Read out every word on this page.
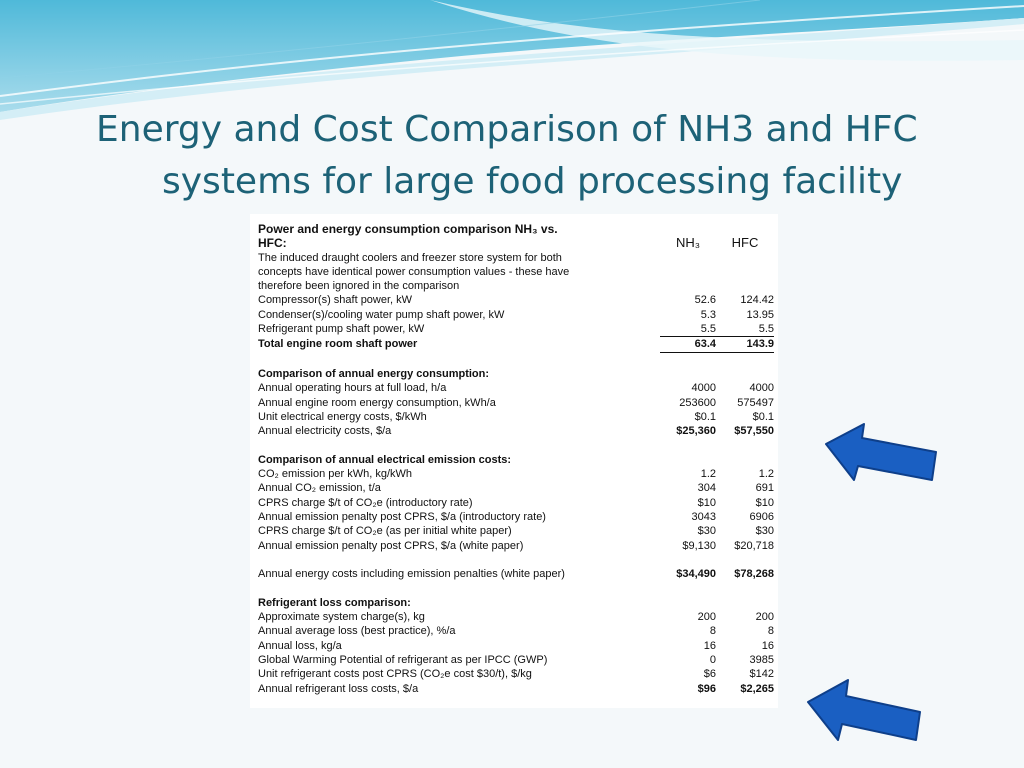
Energy and Cost Comparison of NH3 and HFC
systems for large food processing facility
Power and energy consumption comparison NH₃ vs.		
HFC:	NH₃	HFC
The induced draught coolers and freezer store system for both		
concepts have identical power consumption values - these have		
therefore been ignored in the comparison		
Compressor(s) shaft power, kW	52.6	124.42
Condenser(s)/cooling water pump shaft power, kW	5.3	13.95
Refrigerant pump shaft power, kW	5.5	5.5
Total engine room shaft power	63.4	143.9

Comparison of annual energy consumption:		
Annual operating hours at full load, h/a	4000	4000
Annual engine room energy consumption, kWh/a	253600	575497
Unit electrical energy costs, $/kWh	$0.1	$0.1
Annual electricity costs, $/a	$25,360	$57,550

Comparison of annual electrical emission costs:		
CO₂ emission per kWh, kg/kWh	1.2	1.2
Annual CO₂ emission, t/a	304	691
CPRS charge $/t of CO₂e (introductory rate)	$10	$10
Annual emission penalty post CPRS, $/a (introductory rate)	3043	6906
CPRS charge $/t of CO₂e (as per initial white paper)	$30	$30
Annual emission penalty post CPRS, $/a (white paper)	$9,130	$20,718

Annual energy costs including emission penalties (white paper)	$34,490	$78,268

Refrigerant loss comparison:		
Approximate system charge(s), kg	200	200
Annual average loss (best practice), %/a	8	8
Annual loss, kg/a	16	16
Global Warming Potential of refrigerant as per IPCC (GWP)	0	3985
Unit refrigerant costs post CPRS (CO₂e cost $30/t), $/kg	$6	$142
Annual refrigerant loss costs, $/a	$96	$2,265
